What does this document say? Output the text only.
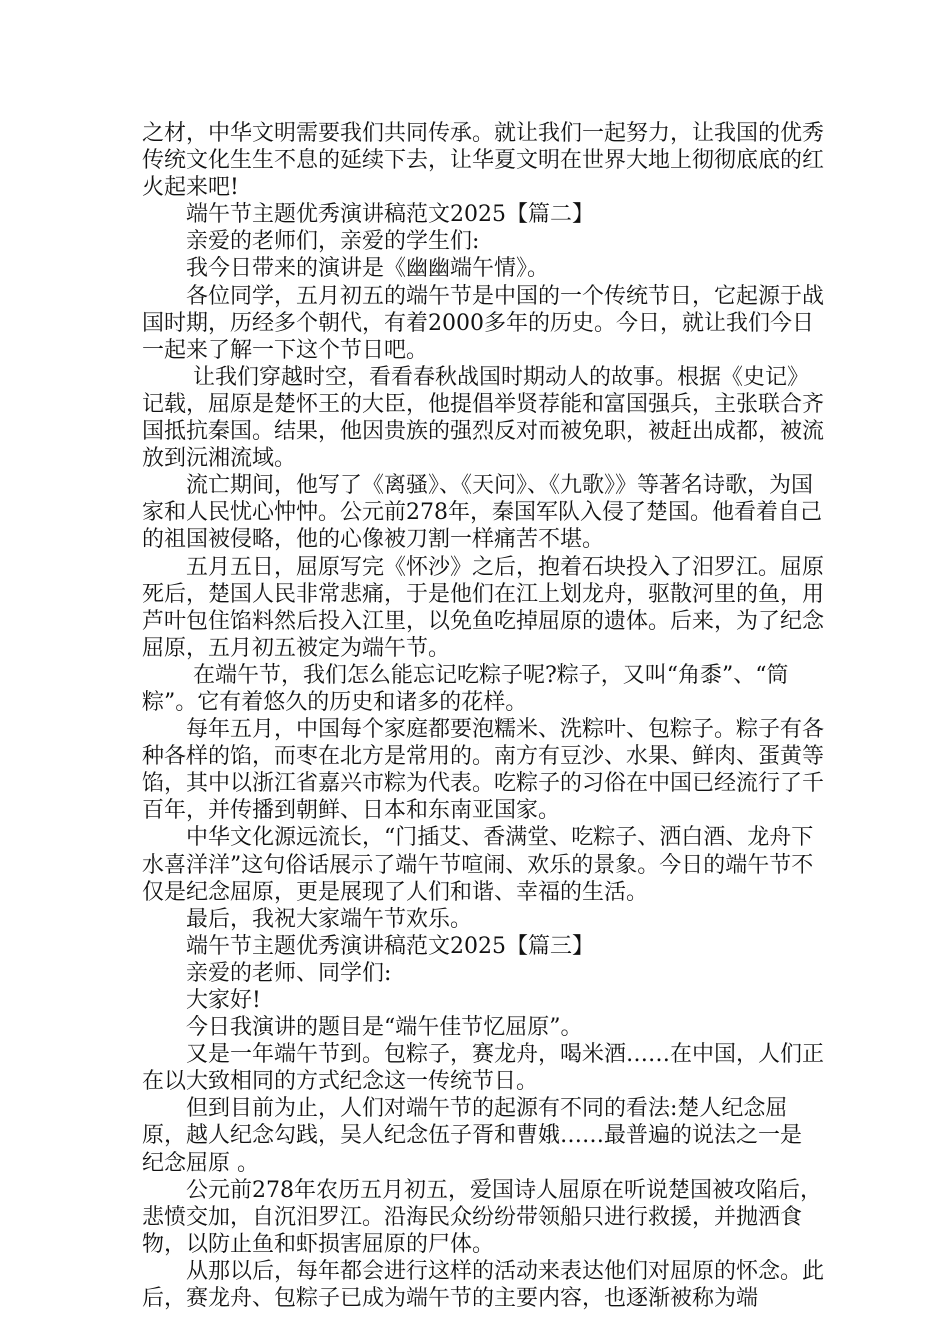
之材，中华文明需要我们共同传承。就让我们一起努力，让我国的优秀传统文化生生不息的延续下去，让华夏文明在世界大地上彻彻底底的红火起来吧!

端午节主题优秀演讲稿范文2025【篇二】

亲爱的老师们，亲爱的学生们:

我今日带来的演讲是《幽幽端午情》。

各位同学，五月初五的端午节是中国的一个传统节日，它起源于战国时期，历经多个朝代，有着2000多年的历史。今日，就让我们今日一起来了解一下这个节日吧。

让我们穿越时空，看看春秋战国时期动人的故事。根据《史记》记载，屈原是楚怀王的大臣，他提倡举贤荐能和富国强兵，主张联合齐国抵抗秦国。结果，他因贵族的强烈反对而被免职，被赶出成都，被流放到沅湘流域。

流亡期间，他写了《离骚》、《天问》、《九歌》》等著名诗歌，为国家和人民忧心忡忡。公元前278年，秦国军队入侵了楚国。他看着自己的祖国被侵略，他的心像被刀割一样痛苦不堪。

五月五日，屈原写完《怀沙》之后，抱着石块投入了汨罗江。屈原死后，楚国人民非常悲痛，于是他们在江上划龙舟，驱散河里的鱼，用芦叶包住馅料然后投入江里，以免鱼吃掉屈原的遗体。后来，为了纪念屈原，五月初五被定为端午节。

在端午节，我们怎么能忘记吃粽子呢?粽子，又叫“角黍”、“筒粽”。它有着悠久的历史和诸多的花样。

每年五月，中国每个家庭都要泡糯米、洗粽叶、包粽子。粽子有各种各样的馅，而枣在北方是常用的。南方有豆沙、水果、鲜肉、蛋黄等馅，其中以浙江省嘉兴市粽为代表。吃粽子的习俗在中国已经流行了千百年，并传播到朝鲜、日本和东南亚国家。

中华文化源远流长，“门插艾、香满堂、吃粽子、洒白酒、龙舟下水喜洋洋”这句俗话展示了端午节喧闹、欢乐的景象。今日的端午节不仅是纪念屈原，更是展现了人们和谐、幸福的生活。

最后，我祝大家端午节欢乐。

端午节主题优秀演讲稿范文2025【篇三】

亲爱的老师、同学们:

大家好!

今日我演讲的题目是“端午佳节忆屈原”。

又是一年端午节到。包粽子，赛龙舟，喝米酒……在中国，人们正在以大致相同的方式纪念这一传统节日。

但到目前为止，人们对端午节的起源有不同的看法:楚人纪念屈原，越人纪念勾践，吴人纪念伍子胥和曹娥……最普遍的说法之一是 纪念屈原 。

公元前278年农历五月初五，爱国诗人屈原在听说楚国被攻陷后，悲愤交加，自沉汨罗江。沿海民众纷纷带领船只进行救援，并抛洒食物，以防止鱼和虾损害屈原的尸体。

从那以后，每年都会进行这样的活动来表达他们对屈原的怀念。此后，赛龙舟、包粽子已成为端午节的主要内容，也逐渐被称为端
